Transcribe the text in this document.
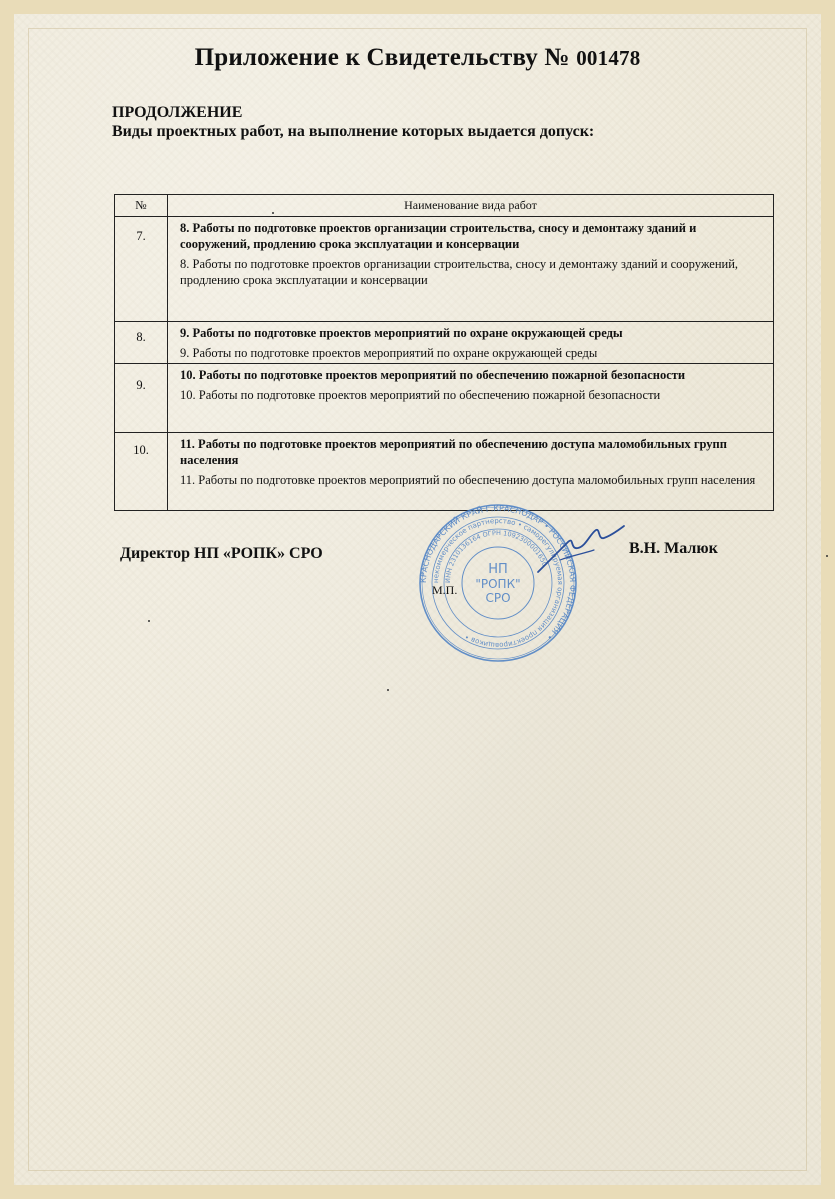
Приложение к Свидетельству № 001478
ПРОДОЛЖЕНИЕ
Виды проектных работ, на выполнение которых выдается допуск:
№	Наименование вида работ
7.	8. Работы по подготовке проектов организации строительства, сносу и демонтажу зданий и сооружений, продлению срока эксплуатации и консервации
8. Работы по подготовке проектов организации строительства, сносу и демонтажу зданий и сооружений, продлению срока эксплуатации и консервации

8.	9. Работы по подготовке проектов мероприятий по охране окружающей среды
9. Работы по подготовке проектов мероприятий по охране окружающей среды

9.	10. Работы по подготовке проектов мероприятий по обеспечению пожарной безопасности
10. Работы по подготовке проектов мероприятий по обеспечению пожарной безопасности

10.	11. Работы по подготовке проектов мероприятий по обеспечению доступа маломобильных групп населения
11. Работы по подготовке проектов мероприятий по обеспечению доступа маломобильных групп населения
Директор НП «РОПК» СРО
КРАСНОДАРСКИЙ КРАЙ Г.КРАСНОДАР • РОССИЙСКАЯ ФЕДЕРАЦИЯ •
некоммерческое партнерство • саморегулируемая организация проектировщиков •
ИНН 2310136164 ОГРН 1092300001650
НП
"РОПК"
СРО
М.П.
В.Н. Малюк
